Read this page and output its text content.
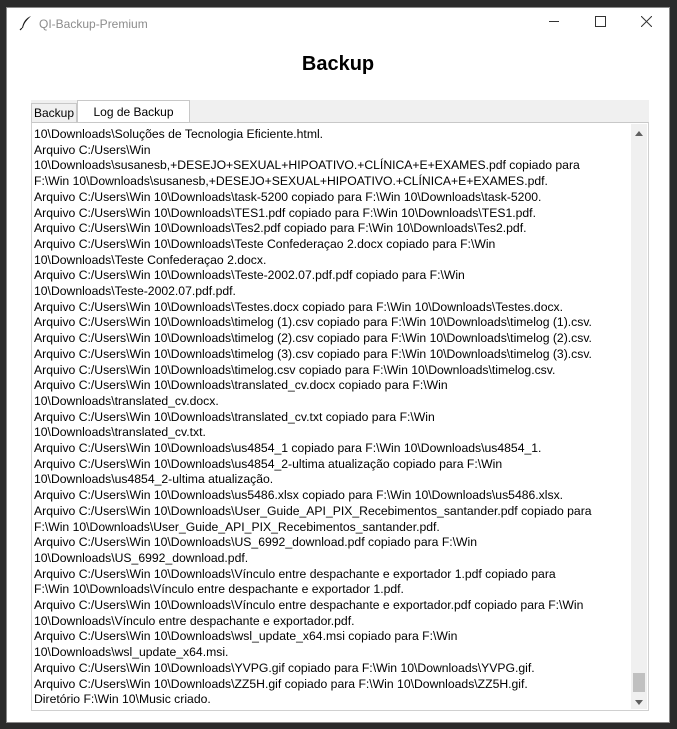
QI-Backup-Premium
Backup
Backup	Log de Backup
10\Downloads\Soluções de Tecnologia Eficiente.html.
Arquivo C:/Users\Win
10\Downloads\susanesb,+DESEJO+SEXUAL+HIPOATIVO.+CLÍNICA+E+EXAMES.pdf copiado para
F:\Win 10\Downloads\susanesb,+DESEJO+SEXUAL+HIPOATIVO.+CLÍNICA+E+EXAMES.pdf.
Arquivo C:/Users\Win 10\Downloads\task-5200 copiado para F:\Win 10\Downloads\task-5200.
Arquivo C:/Users\Win 10\Downloads\TES1.pdf copiado para F:\Win 10\Downloads\TES1.pdf.
Arquivo C:/Users\Win 10\Downloads\Tes2.pdf copiado para F:\Win 10\Downloads\Tes2.pdf.
Arquivo C:/Users\Win 10\Downloads\Teste Confederaçao 2.docx copiado para F:\Win
10\Downloads\Teste Confederaçao 2.docx.
Arquivo C:/Users\Win 10\Downloads\Teste-2002.07.pdf.pdf copiado para F:\Win
10\Downloads\Teste-2002.07.pdf.pdf.
Arquivo C:/Users\Win 10\Downloads\Testes.docx copiado para F:\Win 10\Downloads\Testes.docx.
Arquivo C:/Users\Win 10\Downloads\timelog (1).csv copiado para F:\Win 10\Downloads\timelog (1).csv.
Arquivo C:/Users\Win 10\Downloads\timelog (2).csv copiado para F:\Win 10\Downloads\timelog (2).csv.
Arquivo C:/Users\Win 10\Downloads\timelog (3).csv copiado para F:\Win 10\Downloads\timelog (3).csv.
Arquivo C:/Users\Win 10\Downloads\timelog.csv copiado para F:\Win 10\Downloads\timelog.csv.
Arquivo C:/Users\Win 10\Downloads\translated_cv.docx copiado para F:\Win
10\Downloads\translated_cv.docx.
Arquivo C:/Users\Win 10\Downloads\translated_cv.txt copiado para F:\Win
10\Downloads\translated_cv.txt.
Arquivo C:/Users\Win 10\Downloads\us4854_1 copiado para F:\Win 10\Downloads\us4854_1.
Arquivo C:/Users\Win 10\Downloads\us4854_2-ultima atualização copiado para F:\Win
10\Downloads\us4854_2-ultima atualização.
Arquivo C:/Users\Win 10\Downloads\us5486.xlsx copiado para F:\Win 10\Downloads\us5486.xlsx.
Arquivo C:/Users\Win 10\Downloads\User_Guide_API_PIX_Recebimentos_santander.pdf copiado para
F:\Win 10\Downloads\User_Guide_API_PIX_Recebimentos_santander.pdf.
Arquivo C:/Users\Win 10\Downloads\US_6992_download.pdf copiado para F:\Win
10\Downloads\US_6992_download.pdf.
Arquivo C:/Users\Win 10\Downloads\Vínculo entre despachante e exportador 1.pdf copiado para
F:\Win 10\Downloads\Vínculo entre despachante e exportador 1.pdf.
Arquivo C:/Users\Win 10\Downloads\Vínculo entre despachante e exportador.pdf copiado para F:\Win
10\Downloads\Vínculo entre despachante e exportador.pdf.
Arquivo C:/Users\Win 10\Downloads\wsl_update_x64.msi copiado para F:\Win
10\Downloads\wsl_update_x64.msi.
Arquivo C:/Users\Win 10\Downloads\YVPG.gif copiado para F:\Win 10\Downloads\YVPG.gif.
Arquivo C:/Users\Win 10\Downloads\ZZ5H.gif copiado para F:\Win 10\Downloads\ZZ5H.gif.
Diretório F:\Win 10\Music criado.
